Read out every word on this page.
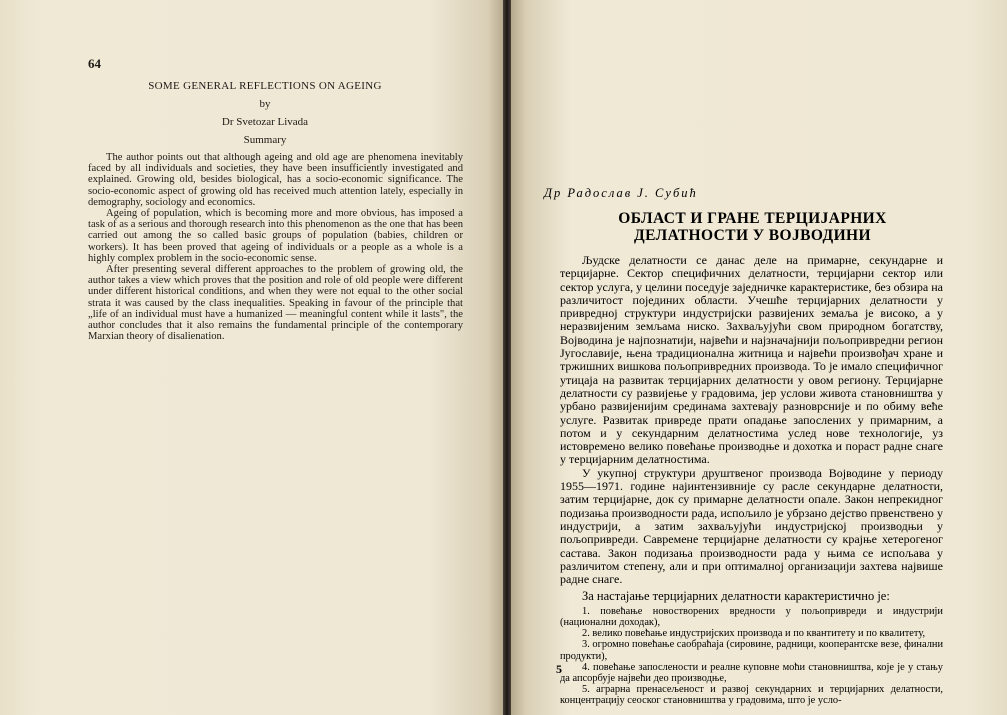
64
SOME GENERAL REFLECTIONS ON AGEING
by
Dr Svetozar Livada
Summary

The author points out that although ageing and old age are phenomena inevitably faced by all individuals and societies, they have been insufficiently investigated and explained. Growing old, besides biological, has a socio-economic significance. The socio-economic aspect of growing old has received much attention lately, especially in demography, sociology and economics.

Ageing of population, which is becoming more and more obvious, has imposed a task of as a serious and thorough research into this phenomenon as the one that has been carried out among the so called basic groups of population (babies, children or workers). It has been proved that ageing of individuals or a people as a whole is a highly complex problem in the socio-economic sense.

After presenting several different approaches to the problem of growing old, the author takes a view which proves that the position and role of old people were different under different historical conditions, and when they were not equal to the other social strata it was caused by the class inequalities. Speaking in favour of the principle that „life of an individual must have a humanized — meaningful content while it lasts", the author concludes that it also remains the fundamental principle of the contemporary Marxian theory of disalienation.

Др Радослав Ј. Субић
ОБЛАСТ И ГРАНЕ ТЕРЦИЈАРНИХ ДЕЛАТНОСТИ У ВОЈВОДИНИ

Људске делатности се данас деле на примарне, секундарне и терцијарне. Сектор специфичних делатности, терцијарни сектор или сектор услуга, у целини поседује заједничке карактеристике, без обзира на различитост појединих области. Учешће терцијарних делатности у привредној структури индустријски развијених земаља је високо, а у неразвијеним земљама ниско. Захваљујући свом природном богатству, Војводина је најпознатији, највећи и најзначајнији пољопривредни регион Југославије, њена традиционална житница и највећи произвођач хране и тржишних вишкова пољопривредних производа. То је имало специфичног утицаја на развитак терцијарних делатности у овом региону. Терцијарне делатности су развијење у градовима, јер услови живота становништва у урбано развијенијим срединама захтевају разноврсније и по обиму веће услуге. Развитак привреде прати опадање запослених у примарним, а потом и у секундарним делатностима услед нове технологије, уз истовремено велико повећање производње и дохотка и пораст радне снаге у терцијарним делатностима.

У укупној структури друштвеног производа Војводине у периоду 1955—1971. године најинтензивније су расле секундарне делатности, затим терцијарне, док су примарне делатности опале. Закон непрекидног подизања производности рада, испољило је убрзано дејство првенствено у индустрији, а затим захваљујући индустријској производњи у пољопривреди. Савремене терцијарне делатности су крајње хетерогеног састава. Закон подизања производности рада у њима се испољава у различитом степену, али и при оптималној организацији захтева највише радне снаге.

За настајање терцијарних делатности карактеристично је:

1. повећање новостворених вредности у пољопривреди и индустрији (национални доходак),

2. велико повећање индустријских производа и по квантитету и по квалитету,

3. огромно повећање саобраћаја (сировине, радници, кооперантске везе, финални продукти),

4. повећање запослености и реалне куповне моћи становништва, које је у стању да апсорбује највећи део производње,

5. аграрна пренасељеност и развој секундарних и терцијарних делатности, концентрацију сеоског становништва у градовима, што је усло-

5
